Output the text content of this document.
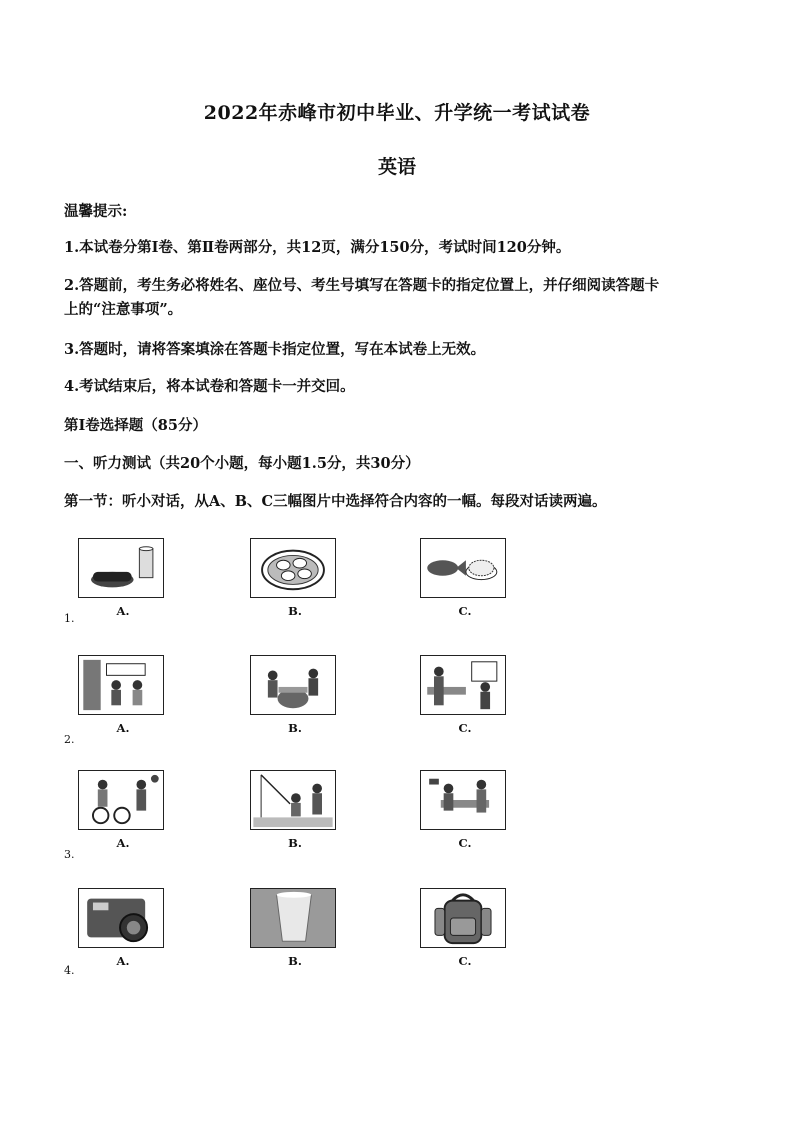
2022年赤峰市初中毕业、升学统一考试试卷
英语
温馨提示:
1.本试卷分第Ⅰ卷、第Ⅱ卷两部分，共12页，满分150分，考试时间120分钟。
2.答题前，考生务必将姓名、座位号、考生号填写在答题卡的指定位置上，并仔细阅读答题卡
上的“注意事项”。
3.答题时，请将答案填涂在答题卡指定位置，写在本试卷上无效。
4.考试结束后，将本试卷和答题卡一并交回。
第Ⅰ卷选择题（85分）
一、听力测试（共20个小题，每小题1.5分，共30分）
第一节：听小对话，从A、B、C三幅图片中选择符合内容的一幅。每段对话读两遍。
1.
A.	B.	C.
2.
A.	B.	C.
3.
A.	B.	C.
4.
A.	B.	C.
